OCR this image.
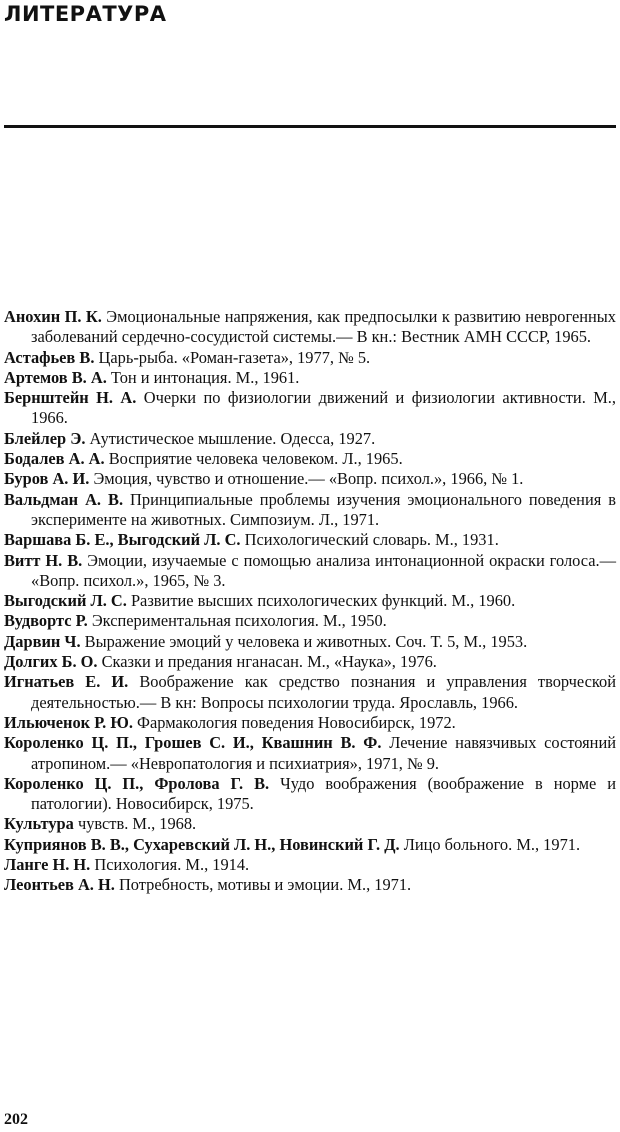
ЛИТЕРАТУРА
Анохин П. К. Эмоциональные напряжения, как предпосылки к развитию неврогенных заболеваний сердечно-сосудистой системы.— В кн.: Вестник АМН СССР, 1965.
Астафьев В. Царь-рыба. «Роман-газета», 1977, № 5.
Артемов В. А. Тон и интонация. М., 1961.
Бернштейн Н. А. Очерки по физиологии движений и физиологии активности. М., 1966.
Блейлер Э. Аутистическое мышление. Одесса, 1927.
Бодалев А. А. Восприятие человека человеком. Л., 1965.
Буров А. И. Эмоция, чувство и отношение.— «Вопр. психол.», 1966, № 1.
Вальдман А. В. Принципиальные проблемы изучения эмоционального поведения в эксперименте на животных. Симпозиум. Л., 1971.
Варшава Б. Е., Выгодский Л. С. Психологический словарь. М., 1931.
Витт Н. В. Эмоции, изучаемые с помощью анализа интонационной окраски голоса.— «Вопр. психол.», 1965, № 3.
Выгодский Л. С. Развитие высших психологических функций. М., 1960.
Вудвортс Р. Экспериментальная психология. М., 1950.
Дарвин Ч. Выражение эмоций у человека и животных. Соч. Т. 5, М., 1953.
Долгих Б. О. Сказки и предания нганасан. М., «Наука», 1976.
Игнатьев Е. И. Воображение как средство познания и управления творческой деятельностью.— В кн: Вопросы психологии труда. Ярославль, 1966.
Ильюченок Р. Ю. Фармакология поведения Новосибирск, 1972.
Короленко Ц. П., Грошев С. И., Квашнин В. Ф. Лечение навязчивых состояний атропином.— «Невропатология и психиатрия», 1971, № 9.
Короленко Ц. П., Фролова Г. В. Чудо воображения (воображение в норме и патологии). Новосибирск, 1975.
Культура чувств. М., 1968.
Куприянов В. В., Сухаревский Л. Н., Новинский Г. Д. Лицо больного. М., 1971.
Ланге Н. Н. Психология. М., 1914.
Леонтьев А. Н. Потребность, мотивы и эмоции. М., 1971.
202
